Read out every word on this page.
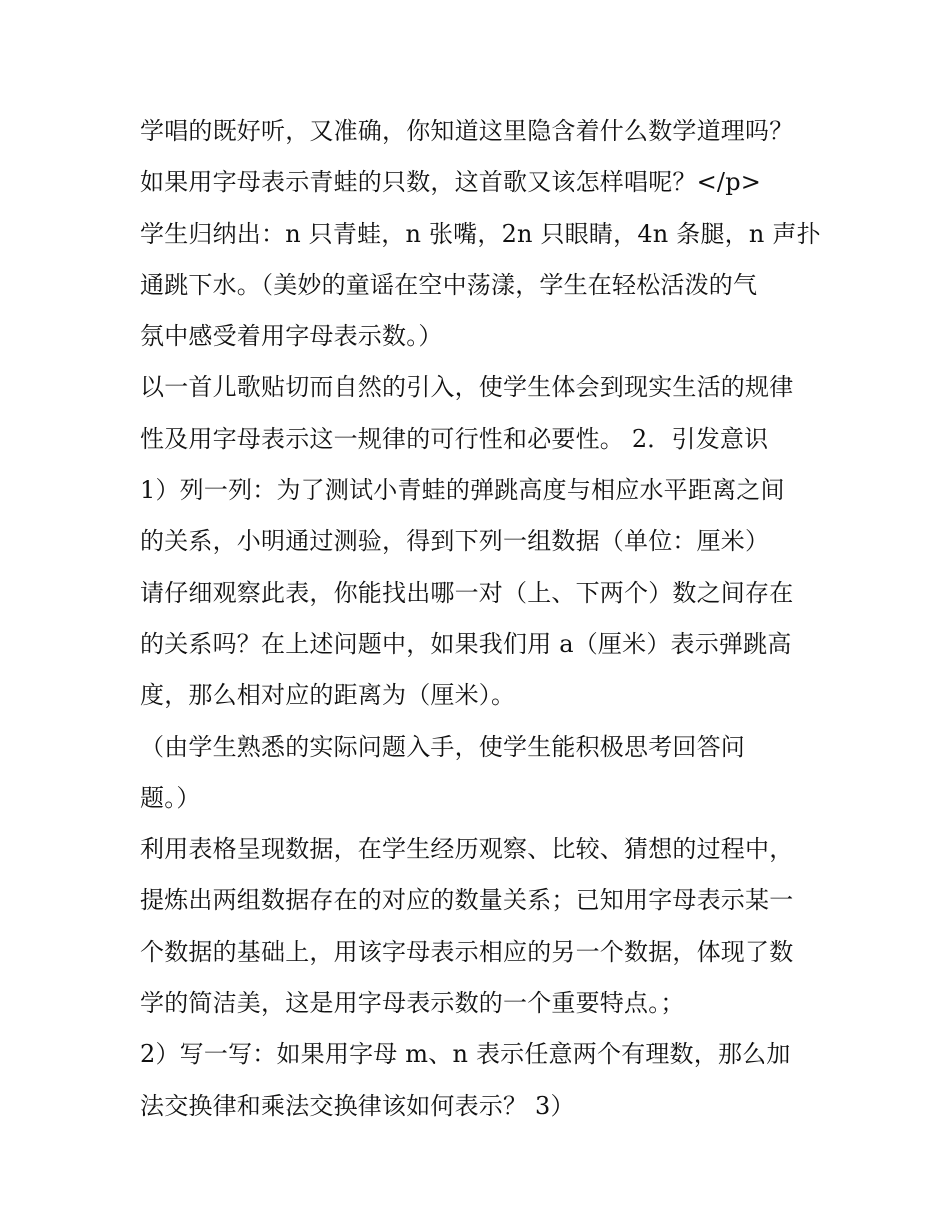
学唱的既好听，又准确，你知道这里隐含着什么数学道理吗？
如果用字母表示青蛙的只数，这首歌又该怎样唱呢？</p>
学生归纳出：n 只青蛙，n 张嘴，2n 只眼睛，4n 条腿，n 声扑
通跳下水。（美妙的童谣在空中荡漾，学生在轻松活泼的气
氛中感受着用字母表示数。）
以一首儿歌贴切而自然的引入，使学生体会到现实生活的规律
性及用字母表示这一规律的可行性和必要性。 2．引发意识
1）列一列：为了测试小青蛙的弹跳高度与相应水平距离之间
的关系，小明通过测验，得到下列一组数据（单位：厘米）
请仔细观察此表，你能找出哪一对（上、下两个）数之间存在
的关系吗？在上述问题中，如果我们用 a（厘米）表示弹跳高
度，那么相对应的距离为（厘米）。
（由学生熟悉的实际问题入手，使学生能积极思考回答问
题。）
利用表格呈现数据，在学生经历观察、比较、猜想的过程中，
提炼出两组数据存在的对应的数量关系；已知用字母表示某一
个数据的基础上，用该字母表示相应的另一个数据，体现了数
学的简洁美，这是用字母表示数的一个重要特点。；
2）写一写：如果用字母 m、n 表示任意两个有理数，那么加
法交换律和乘法交换律该如何表示？ 3）
